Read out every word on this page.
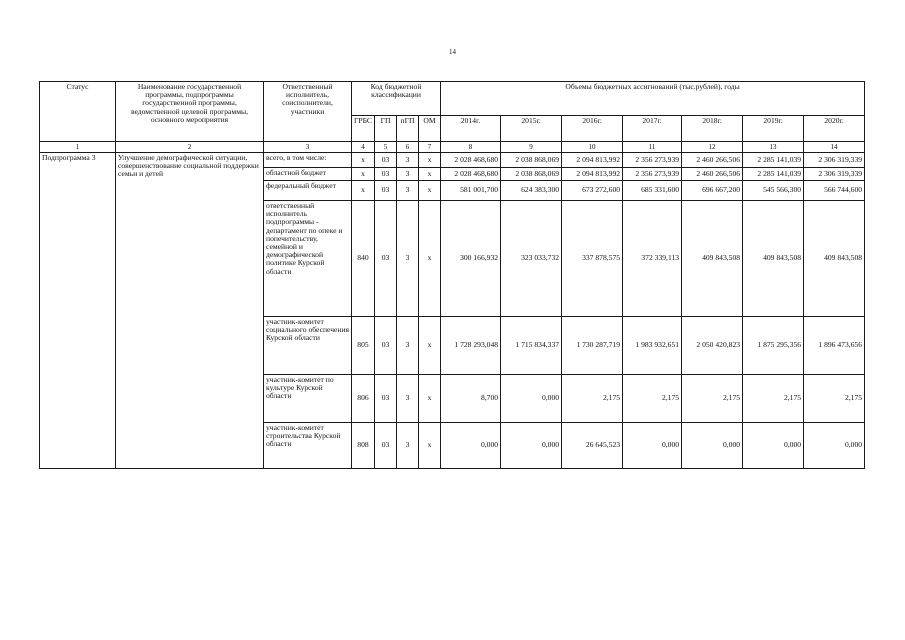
14
Статус	Наименование государственной программы, подпрограммы государственной программы, ведомственной целевой программы, основного мероприятия	Ответственный исполнитель, соисполнители, участники	Код бюджетной классификации				Объемы бюджетных ассигнований (тыс.рублей), годы						
			ГРБС	ГП	пГП	ОМ	2014г.	2015г.	2016г.	2017г.	2018г.	2019г.	2020г.
1	2	3	4	5	6	7	8	9	10	11	12	13	14
Подпрограмма 3	Улучшение демографической ситуации, совершенствование социальной поддержки семьи и детей	всего, в том числе:	х	03	3	х	2 028 468,680	2 038 868,069	2 094 813,992	2 356 273,939	2 460 266,506	2 285 141,039	2 306 319,339
		областной бюджет	х	03	3	х	2 028 468,680	2 038 868,069	2 094 813,992	2 356 273,939	2 460 266,506	2 285 141,039	2 306 319,339
		федеральный бюджет	х	03	3	х	581 001,700	624 383,300	673 272,600	685 331,600	696 667,200	545 566,300	566 744,600
		ответственный исполнитель подпрограммы - департамент по опеке и попечительству, семейной и демографической политике Курской области	840	03	3	х	300 166,932	323 033,732	337 878,575	372 339,113	409 843,508	409 843,508	409 843,508
		участник-комитет социального обеспечения Курской области	805	03	3	х	1 728 293,048	1 715 834,337	1 730 287,719	1 983 932,651	2 050 420,823	1 875 295,356	1 896 473,656
		участник-комитет по культуре Курской области	806	03	3	х	8,700	0,000	2,175	2,175	2,175	2,175	2,175
		участник-комитет строительства Курской области	808	03	3	х	0,000	0,000	26 645,523	0,000	0,000	0,000	0,000
